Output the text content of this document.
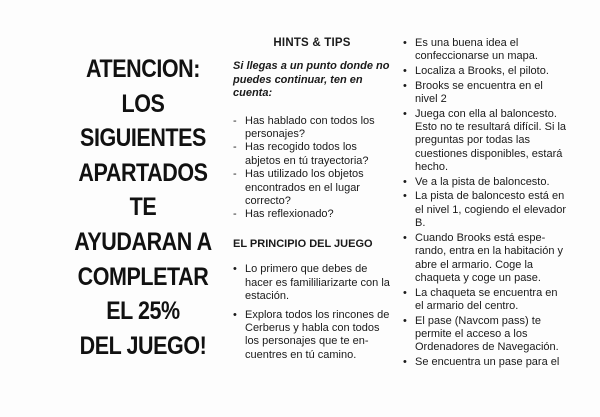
ATENCION:
LOS
SIGUIENTES
APARTADOS
TE
AYUDARAN A
COMPLETAR
EL 25%
DEL JUEGO!
HINTS & TIPS
Si llegas a un punto donde no puedes continuar, ten en cuenta:
- Has hablado con todos los personajes?
- Has recogido todos los abjetos en tú trayectoria?
- Has utilizado los objetos encontrados en el lugar correcto?
- Has reflexionado?
EL PRINCIPIO DEL JUEGO
• Lo primero que debes de hacer es famililiarizarte con la estación.
• Explora todos los rincones de Cerberus y habla con todos los personajes que te en-cuentres en tú camino.
• Es una buena idea el confeccionarse un mapa.
• Localiza a Brooks, el piloto.
• Brooks se encuentra en el nivel 2
• Juega con ella al baloncesto. Esto no te resultará difícil. Si la preguntas por todas las cuestiones disponibles, estará hecho.
• Ve a la pista de baloncesto.
• La pista de baloncesto está en el nivel 1, cogiendo el elevador B.
• Cuando Brooks está espe-rando, entra en la habitación y abre el armario. Coge la chaqueta y coge un pase.
• La chaqueta se encuentra en el armario del centro.
• El pase (Navcom pass) te permite el acceso a los Ordenadores de Navegación.
• Se encuentra un pase para el
